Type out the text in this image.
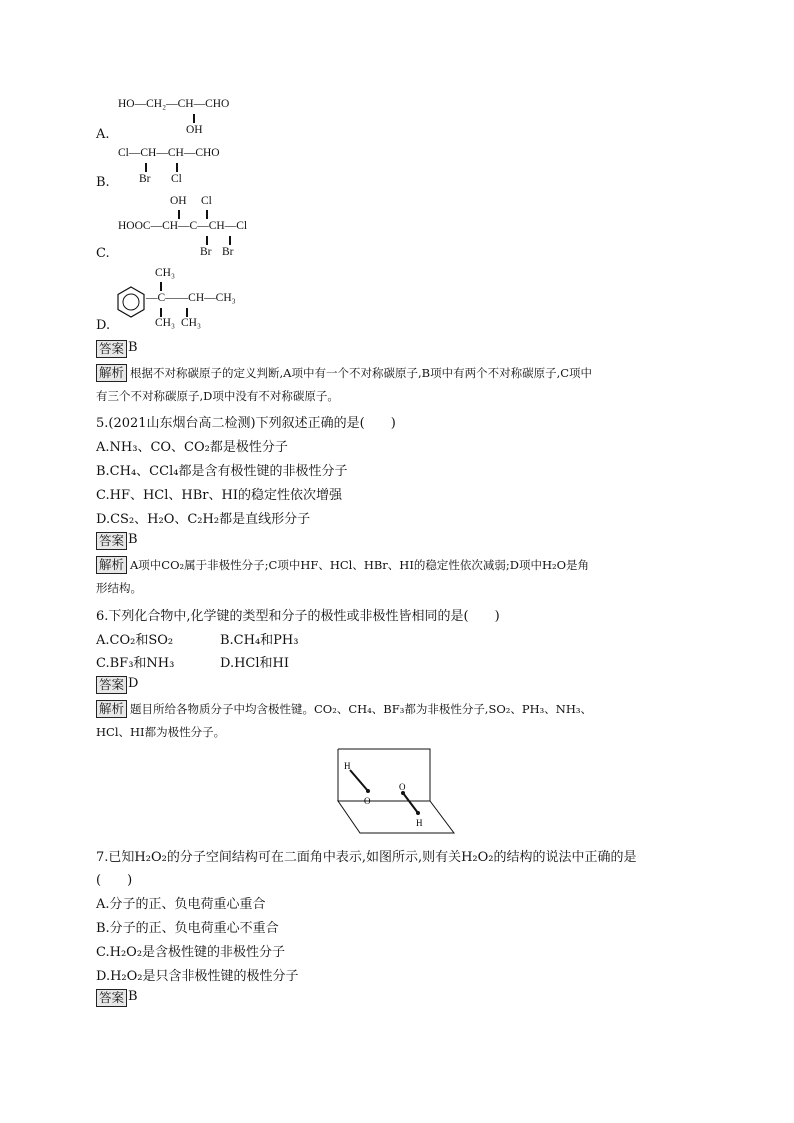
HO—CH₂—CH—CHO
OH
A.
Cl—CH—CH—CHO
Br Cl
B.
OH Cl
HOOC—CH—C—CH—Cl
Br Br
C.
CH₃
—C——CH—CH₃
CH₃ CH₃
D.
答案 B
解析 根据不对称碳原子的定义判断,A项中有一个不对称碳原子,B项中有两个不对称碳原子,C项中
有三个不对称碳原子,D项中没有不对称碳原子。
5.(2021山东烟台高二检测)下列叙述正确的是(　　)
A.NH₃、CO、CO₂都是极性分子
B.CH₄、CCl₄都是含有极性键的非极性分子
C.HF、HCl、HBr、HI的稳定性依次增强
D.CS₂、H₂O、C₂H₂都是直线形分子
答案 B
解析 A项中CO₂属于非极性分子;C项中HF、HCl、HBr、HI的稳定性依次减弱;D项中H₂O是角
形结构。
6.下列化合物中,化学键的类型和分子的极性或非极性皆相同的是(　　)
A.CO₂和SO₂	B.CH₄和PH₃
C.BF₃和NH₃	D.HCl和HI
答案 D
解析 题目所给各物质分子中均含极性键。CO₂、CH₄、BF₃都为非极性分子,SO₂、PH₃、NH₃、
HCl、HI都为极性分子。
H
O
O
H
7.已知H₂O₂的分子空间结构可在二面角中表示,如图所示,则有关H₂O₂的结构的说法中正确的是
(　　)
A.分子的正、负电荷重心重合
B.分子的正、负电荷重心不重合
C.H₂O₂是含极性键的非极性分子
D.H₂O₂是只含非极性键的极性分子
答案 B
